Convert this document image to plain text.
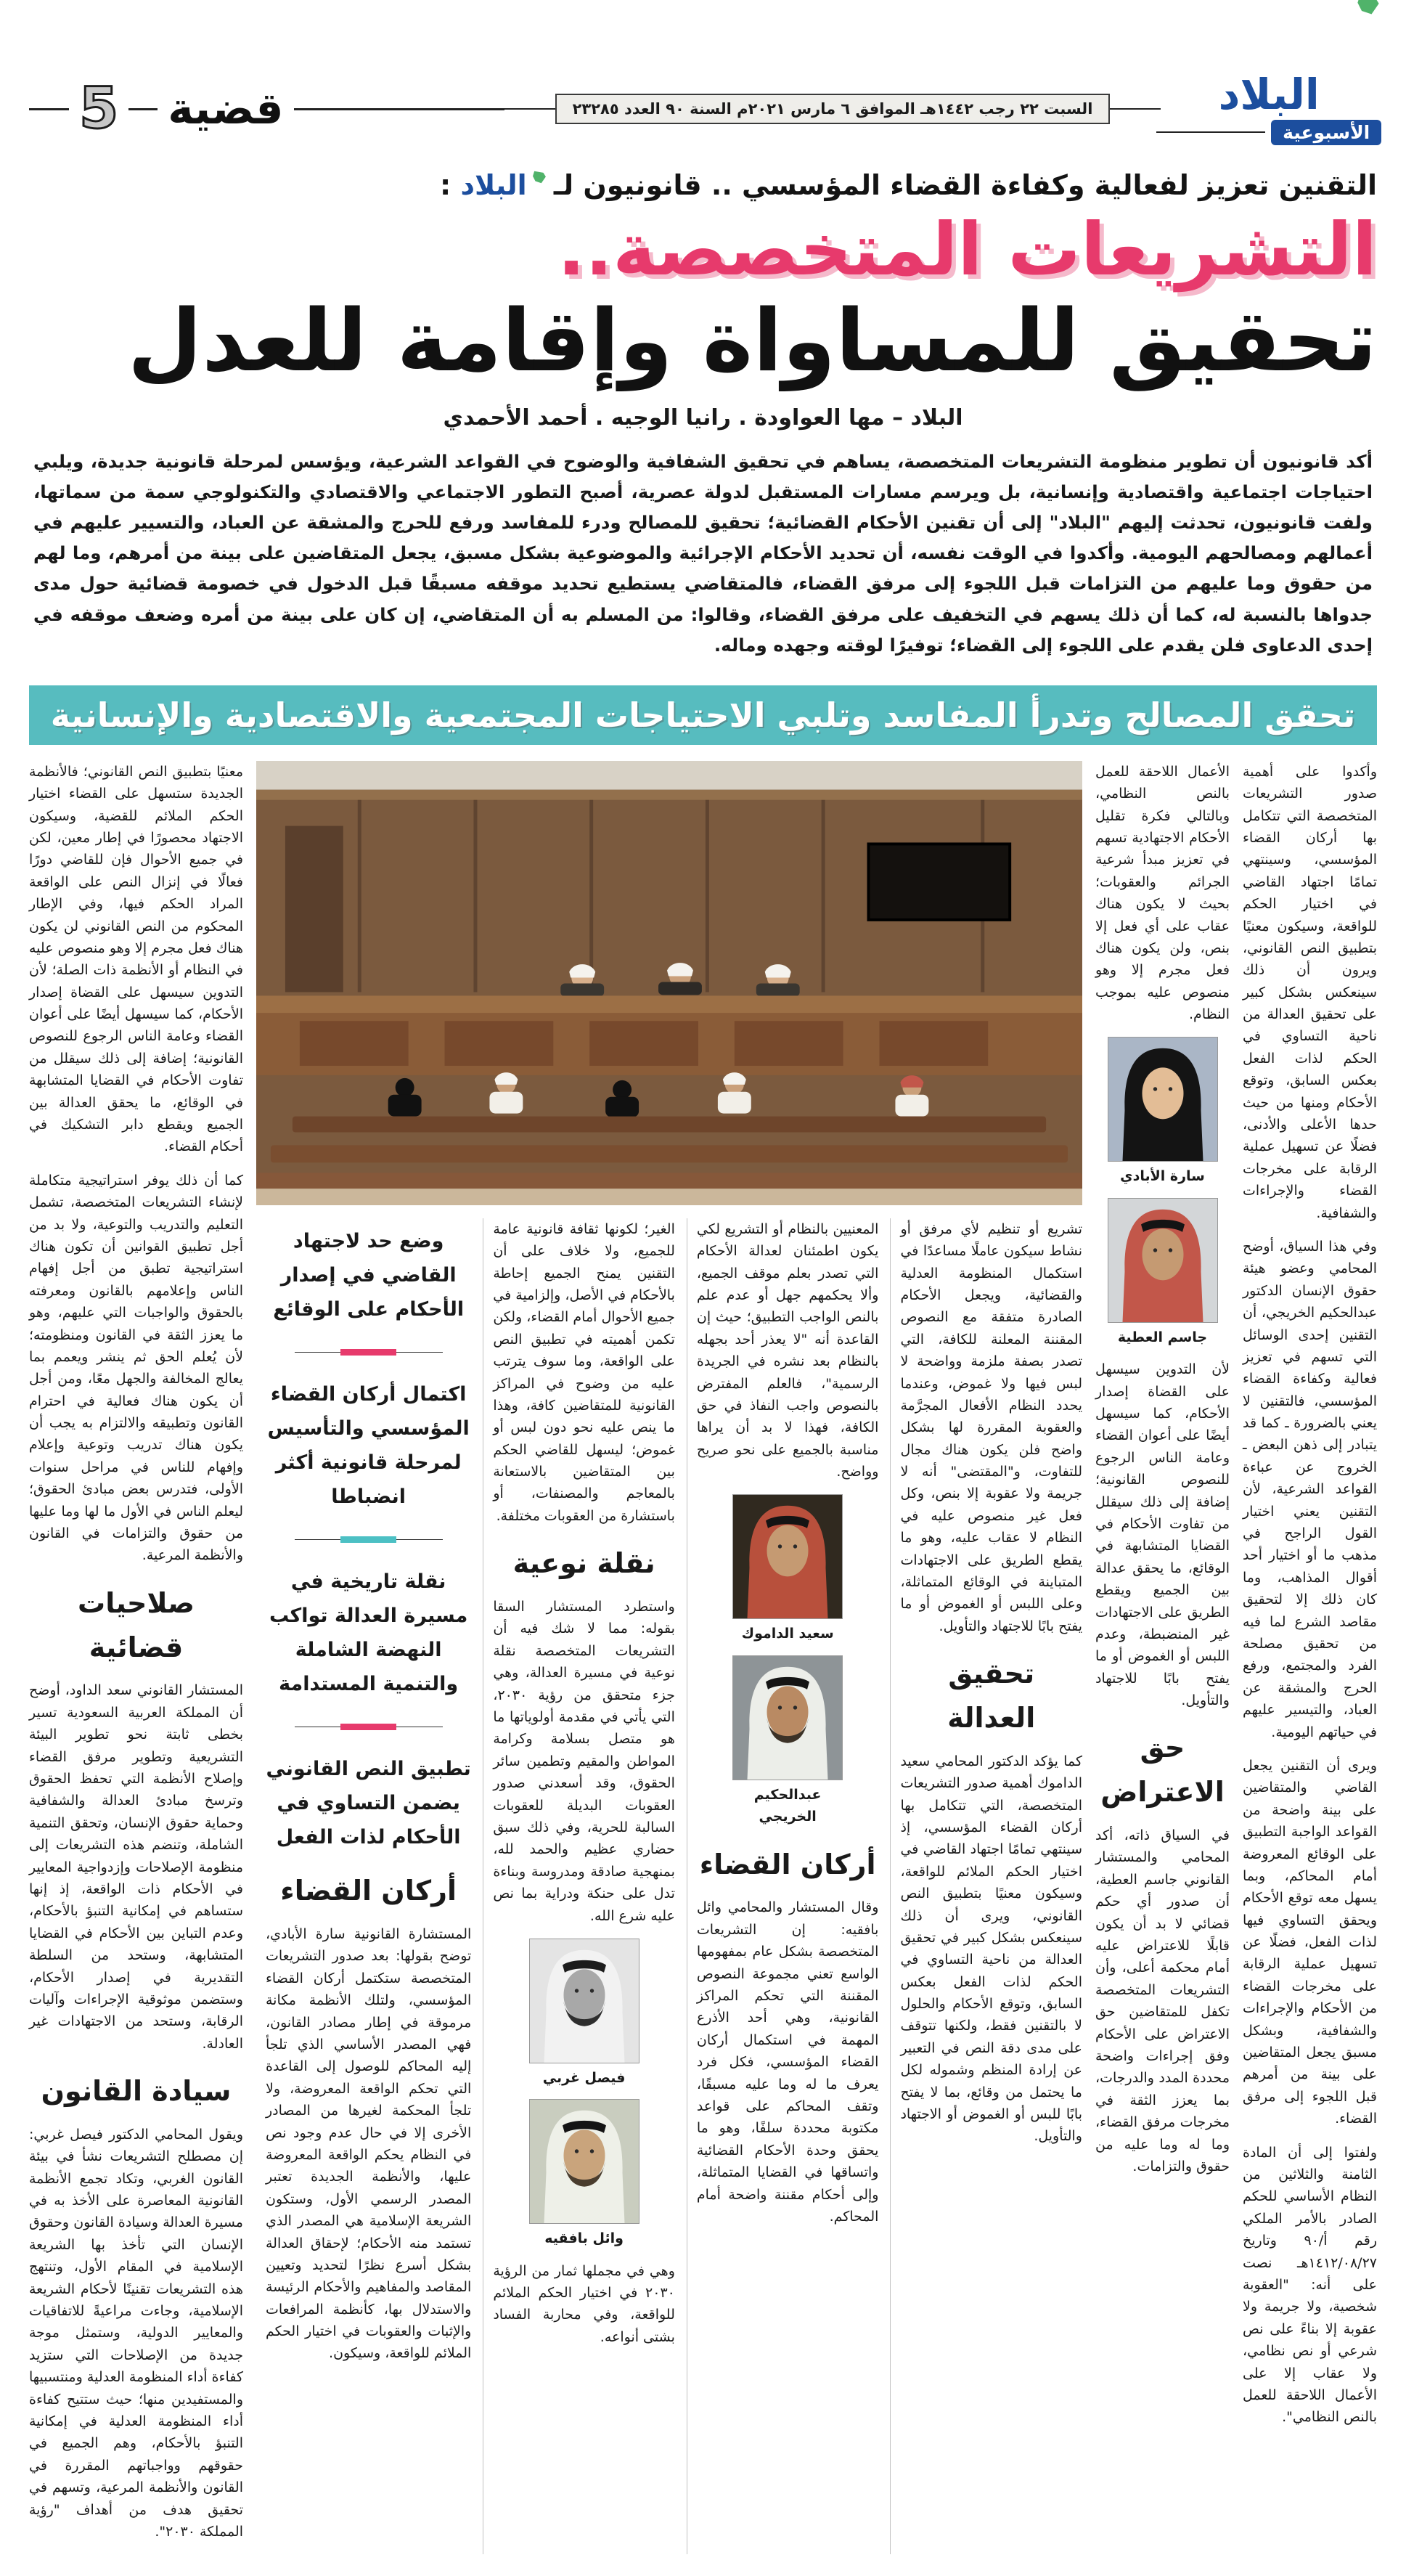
5 قضية	السبت ٢٢ رجب ١٤٤٢هـ الموافق ٦ مارس ٢٠٢١م السنة ٩٠ العدد ٢٣٢٨٥	البلاد
الأسبوعية
التقنين تعزيز لفعالية وكفاءة القضاء المؤسسي .. قانونيون لـ البلاد :
التشريعات المتخصصة..
تحقيق للمساواة وإقامة للعدل
البلاد – مها العواودة . رانيا الوجيه . أحمد الأحمدي

أكد قانونيون أن تطوير منظومة التشريعات المتخصصة، يساهم في تحقيق الشفافية والوضوح في القواعد الشرعية، ويؤسس لمرحلة قانونية جديدة، ويلبي احتياجات اجتماعية واقتصادية وإنسانية، بل ويرسم مسارات المستقبل لدولة عصرية، أصبح التطور الاجتماعي والاقتصادي والتكنولوجي سمة من سماتها، ولفت قانونيون، تحدثت إليهم "البلاد" إلى أن تقنين الأحكام القضائية؛ تحقيق للمصالح ودرء للمفاسد ورفع للحرج والمشقة عن العباد، والتسيير عليهم في أعمالهم ومصالحهم اليومية. وأكدوا في الوقت نفسه، أن تحديد الأحكام الإجرائية والموضوعية بشكل مسبق، يجعل المتقاضين على بينة من أمرهم، وما لهم من حقوق وما عليهم من التزامات قبل اللجوء إلى مرفق القضاء، فالمتقاضي يستطيع تحديد موقفه مسبقًا قبل الدخول في خصومة قضائية حول مدى جدواها بالنسبة له، كما أن ذلك يسهم في التخفيف على مرفق القضاء، وقالوا: من المسلم به أن المتقاضي، إن كان على بينة من أمره وضعف موقفه في إحدى الدعاوى فلن يقدم على اللجوء إلى القضاء؛ توفيرًا لوقته وجهده وماله.

تحقق المصالح وتدرأ المفاسد وتلبي الاحتياجات المجتمعية والاقتصادية والإنسانية

وأكدوا على أهمية صدور التشريعات المتخصصة التي تتكامل بها أركان القضاء المؤسسي، وسينتهي تمامًا اجتهاد القاضي في اختيار الحكم للواقعة، وسيكون معنيًا بتطبيق النص القانوني، ويرون أن ذلك سينعكس بشكل كبير على تحقيق العدالة من ناحية التساوي في الحكم لذات الفعل بعكس السابق، وتوقع الأحكام ومنها من حيث حدها الأعلى والأدنى، فضلًا عن تسهيل عملية الرقابة على مخرجات القضاء والإجراءات والشفافية.

وفي هذا السياق، أوضح المحامي وعضو هيئة حقوق الإنسان الدكتور عبدالحكيم الخريجي، أن التقنين إحدى الوسائل التي تسهم في تعزيز فعالية وكفاءة القضاء المؤسسي، فالتقنين لا يعني بالضرورة ـ كما قد يتبادر إلى ذهن البعض ـ الخروج عن عباءة القواعد الشرعية، لأن التقنين يعني اختيار القول الراجح في مذهب ما أو اختيار أحد أقوال المذاهب، وما كان ذلك إلا لتحقيق مقاصد الشرع لما فيه من تحقيق مصلحة الفرد والمجتمع، ورفع الحرج والمشقة عن العباد، والتيسير عليهم في حياتهم اليومية.

ويرى أن التقنين يجعل القاضي والمتقاضين على بينة واضحة من القواعد الواجبة التطبيق على الوقائع المعروضة أمام المحاكم، وبما يسهل معه توقع الأحكام ويحقق التساوي فيها لذات الفعل، فضلًا عن تسهيل عملية الرقابة على مخرجات القضاء من الأحكام والإجراءات والشفافية، وبشكل مسبق يجعل المتقاضين على بينة من أمرهم قبل اللجوء إلى مرفق القضاء.

ولفتوا إلى أن المادة الثامنة والثلاثين من النظام الأساسي للحكم الصادر بالأمر الملكي رقم أ/٩٠ وتاريخ ١٤١٢/٠٨/٢٧هـ نصت على أنه: "العقوبة شخصية، ولا جريمة ولا عقوبة إلا بناءً على نص شرعي أو نص نظامي، ولا عقاب إلا على الأعمال اللاحقة للعمل بالنص النظامي".

الأعمال اللاحقة للعمل بالنص النظامي، وبالتالي فكرة تقليل الأحكام الاجتهادية تسهم في تعزيز مبدأ شرعية الجرائم والعقوبات؛ بحيث لا يكون هناك عقاب على أي فعل إلا بنص، ولن يكون هناك فعل مجرم إلا وهو منصوص عليه بموجب النظام.

سارة الأبادي
جاسم العطية

لأن التدوين سيسهل على القضاة إصدار الأحكام، كما سيسهل أيضًا على أعوان القضاء وعامة الناس الرجوع للنصوص القانونية؛ إضافة إلى ذلك سيقلل من تفاوت الأحكام في القضايا المتشابهة في الوقائع، ما يحقق عدالة بين الجميع ويقطع الطريق على الاجتهادات غير المنضبطة، وعدم اللبس أو الغموض أو ما يفتح بابًا للاجتهاد والتأويل.

حق الاعتراض

في السياق ذاته، أكد المحامي والمستشار القانوني جاسم العطية، أن صدور أي حكم قضائي لا بد أن يكون قابلًا للاعتراض عليه أمام محكمة أعلى، وأن التشريعات المتخصصة تكفل للمتقاضين حق الاعتراض على الأحكام وفق إجراءات واضحة محددة المدد والدرجات، بما يعزز الثقة في مخرجات مرفق القضاء، وما له وما عليه من حقوق والتزامات.

تشريع أو تنظيم لأي مرفق أو نشاط سيكون عاملًا مساعدًا في استكمال المنظومة العدلية والقضائية، ويجعل الأحكام الصادرة متفقة مع النصوص المقننة المعلنة للكافة، التي تصدر بصفة ملزمة وواضحة لا لبس فيها ولا غموض، وعندما يحدد النظام الأفعال المجرَّمة والعقوبة المقررة لها بشكل واضح فلن يكون هناك مجال للتفاوت، و"المقتضى" أنه لا جريمة ولا عقوبة إلا بنص، وكل فعل غير منصوص عليه في النظام لا عقاب عليه، وهو ما يقطع الطريق على الاجتهادات المتباينة في الوقائع المتماثلة، وعلى اللبس أو الغموض أو ما يفتح بابًا للاجتهاد والتأويل.

تحقيق العدالة

كما يؤكد الدكتور المحامي سعيد الداموك أهمية صدور التشريعات المتخصصة، التي تتكامل بها أركان القضاء المؤسسي، إذ سينتهي تمامًا اجتهاد القاضي في اختيار الحكم الملائم للواقعة، وسيكون معنيًا بتطبيق النص القانوني، ويرى أن ذلك سينعكس بشكل كبير في تحقيق العدالة من ناحية التساوي في الحكم لذات الفعل بعكس السابق، وتوقع الأحكام والحلول لا بالتقنين فقط، ولكنها تتوقف على مدى دقة النص في التعبير عن إرادة المنظم وشموله لكل ما يحتمل من وقائع، بما لا يفتح بابًا للبس أو الغموض أو الاجتهاد والتأويل.

المعنيين بالنظام أو التشريع لكي يكون اطمئنان لعدالة الأحكام التي تصدر بعلم موقف الجميع، وألا يحكمهم جهل أو عدم علم بالنص الواجب التطبيق؛ حيث إن القاعدة أنه "لا يعذر أحد بجهله بالنظام بعد نشره في الجريدة الرسمية"، فالعلم المفترض بالنصوص واجب النفاذ في حق الكافة، فهذا لا بد أن يراها مناسبة بالجميع على نحو صريح وواضح.

سعيد الداموك
عبدالحكيم الخريجي
أركان القضاء

وقال المستشار والمحامي وائل بافقيه: إن التشريعات المتخصصة بشكل عام بمفهومها الواسع تعني مجموعة النصوص المقننة التي تحكم المراكز القانونية، وهي أحد الأذرع المهمة في استكمال أركان القضاء المؤسسي، فكل فرد يعرف ما له وما عليه مسبقًا، وتقف المحاكم على قواعد مكتوبة محددة سلفًا، وهو ما يحقق وحدة الأحكام القضائية واتساقها في القضايا المتماثلة، وإلى أحكام مقننة واضحة أمام المحاكم.

الغير؛ لكونها ثقافة قانونية عامة للجميع، ولا خلاف على أن التقنين يمنح الجميع إحاطة بالأحكام في الأصل، وإلزامية في جميع الأحوال أمام القضاء، ولكن تكمن أهميته في تطبيق النص على الواقعة، وما سوف يترتب عليه من وضوح في المراكز القانونية للمتقاضين كافة، وهذا ما ينص عليه نحو دون لبس أو غموض؛ ليسهل للقاضي الحكم بين المتقاضين بالاستعانة بالمعاجم والمصنفات، أو باستشارة من العقوبات مختلفة.

نقلة نوعية

واستطرد المستشار السقا بقوله: مما لا شك فيه أن التشريعات المتخصصة نقلة نوعية في مسيرة العدالة، وهي جزء متحقق من رؤية ٢٠٣٠، التي يأتي في مقدمة أولوياتها ما هو متصل بسلامة وكرامة المواطن والمقيم وتطمين سائر الحقوق، وقد أسعدني صدور العقوبات البديلة للعقوبات السالبة للحرية، وفي ذلك سبق حضاري عظيم والحمد لله، بمنهجية صادقة ومدروسة وبناءة تدل على حنكة ودراية بما نص عليه شرع الله.

فيصل غربي
وائل بافقيه

وهي في مجملها ثمار من الرؤية ٢٠٣٠ في اختيار الحكم الملائم للواقعة، وفي محاربة الفساد بشتى أنواعه.

وضع حد لاجتهاد القاضي في إصدار الأحكام على الوقائع
اكتمال أركان القضاء المؤسسي والتأسيس لمرحلة قانونية أكثر انضباطا
نقلة تاريخية في مسيرة العدالة تواكب النهضة الشاملة والتنمية المستدامة
تطبيق النص القانوني يضمن التساوي في الأحكام لذات الفعل
أركان القضاء

المستشارة القانونية سارة الأبادي، توضح بقولها: بعد صدور التشريعات المتخصصة ستكتمل أركان القضاء المؤسسي، ولتلك الأنظمة مكانة مرموقة في إطار مصادر القانون، فهي المصدر الأساسي الذي تلجأ إليه المحاكم للوصول إلى القاعدة التي تحكم الواقعة المعروضة، ولا تلجأ المحكمة لغيرها من المصادر الأخرى إلا في حال عدم وجود نص في النظام يحكم الواقعة المعروضة عليها، والأنظمة الجديدة تعتبر المصدر الرسمي الأول، وستكون الشريعة الإسلامية هي المصدر الذي تستمد منه الأحكام؛ لإحقاق العدالة بشكل أسرع نظرًا لتحديد وتعيين المقاصد والمفاهيم والأحكام الرئيسة والاستدلال بها، كأنظمة المرافعات والإثبات والعقوبات في اختيار الحكم الملائم للواقعة، وسيكون.

معنيًا بتطبيق النص القانوني؛ فالأنظمة الجديدة ستسهل على القضاء اختيار الحكم الملائم للقضية، وسيكون الاجتهاد محصورًا في إطار معين، لكن في جميع الأحوال فإن للقاضي دورًا فعالًا في إنزال النص على الواقعة المراد الحكم فيها، وفي الإطار المحكوم من النص القانوني لن يكون هناك فعل مجرم إلا وهو منصوص عليه في النظام أو الأنظمة ذات الصلة؛ لأن التدوين سيسهل على القضاة إصدار الأحكام، كما سيسهل أيضًا على أعوان القضاء وعامة الناس الرجوع للنصوص القانونية؛ إضافة إلى ذلك سيقلل من تفاوت الأحكام في القضايا المتشابهة في الوقائع، ما يحقق العدالة بين الجميع ويقطع دابر التشكيك في أحكام القضاء.

كما أن ذلك يوفر استراتيجية متكاملة لإنشاء التشريعات المتخصصة، تشمل التعليم والتدريب والتوعية، ولا بد من أجل تطبيق القوانين أن تكون هناك استراتيجية تطبق من أجل إفهام الناس وإعلامهم بالقانون ومعرفته بالحقوق والواجبات التي عليهم، وهو ما يعزز الثقة في القانون ومنظومته؛ لأن يُعلم الحق ثم ينشر ويعمم بما يعالج المخالفة والجهل معًا، ومن أجل أن يكون هناك فعالية في احترام القانون وتطبيقه والالتزام به يجب أن يكون هناك تدريب وتوعية وإعلام وإفهام للناس في مراحل سنوات الأولى، فتدرس بعض مبادئ الحقوق؛ ليعلم الناس في الأول ما لها وما عليها من حقوق والتزامات في القانون والأنظمة المرعية.

صلاحيات قضائية

المستشار القانوني سعد الداود، أوضح أن المملكة العربية السعودية تسير بخطى ثابتة نحو تطوير البيئة التشريعية وتطوير مرفق القضاء وإصلاح الأنظمة التي تحفظ الحقوق وترسخ مبادئ العدالة والشفافية وحماية حقوق الإنسان، وتحقق التنمية الشاملة، وتنضم هذه التشريعات إلى منظومة الإصلاحات وإزدواجية المعايير في الأحكام ذات الواقعة، إذ إنها ستساهم في إمكانية التنبؤ بالأحكام، وعدم التباين بين الأحكام في القضايا المتشابهة، وستحد من السلطة التقديرية في إصدار الأحكام، وستضمن موثوقية الإجراءات وآليات الرقابة، وستحد من الاجتهادات غير العادلة.

سيادة القانون

ويقول المحامي الدكتور فيصل غربي: إن مصطلح التشريعات نشأ في بيئة القانون الغربي، وتكاد تجمع الأنظمة القانونية المعاصرة على الأخذ به في مسيرة العدالة وسيادة القانون وحقوق الإنسان التي تأخذ بها الشريعة الإسلامية في المقام الأول، وتنتهج هذه التشريعات تقنينًا لأحكام الشريعة الإسلامية، وجاءت مراعيةً للاتفاقيات والمعايير الدولية، وستمثل موجة جديدة من الإصلاحات التي ستزيد كفاءة أداء المنظومة العدلية ومنتسبيها والمستفيدين منها؛ حيث ستتيح كفاءة أداء المنظومة العدلية في إمكانية التنبؤ بالأحكام، وهم الجميع في حقوقهم وواجباتهم المقررة في القانون والأنظمة المرعية، وتسهم في تحقيق هدف من أهداف "رؤية المملكة ٢٠٣٠".
